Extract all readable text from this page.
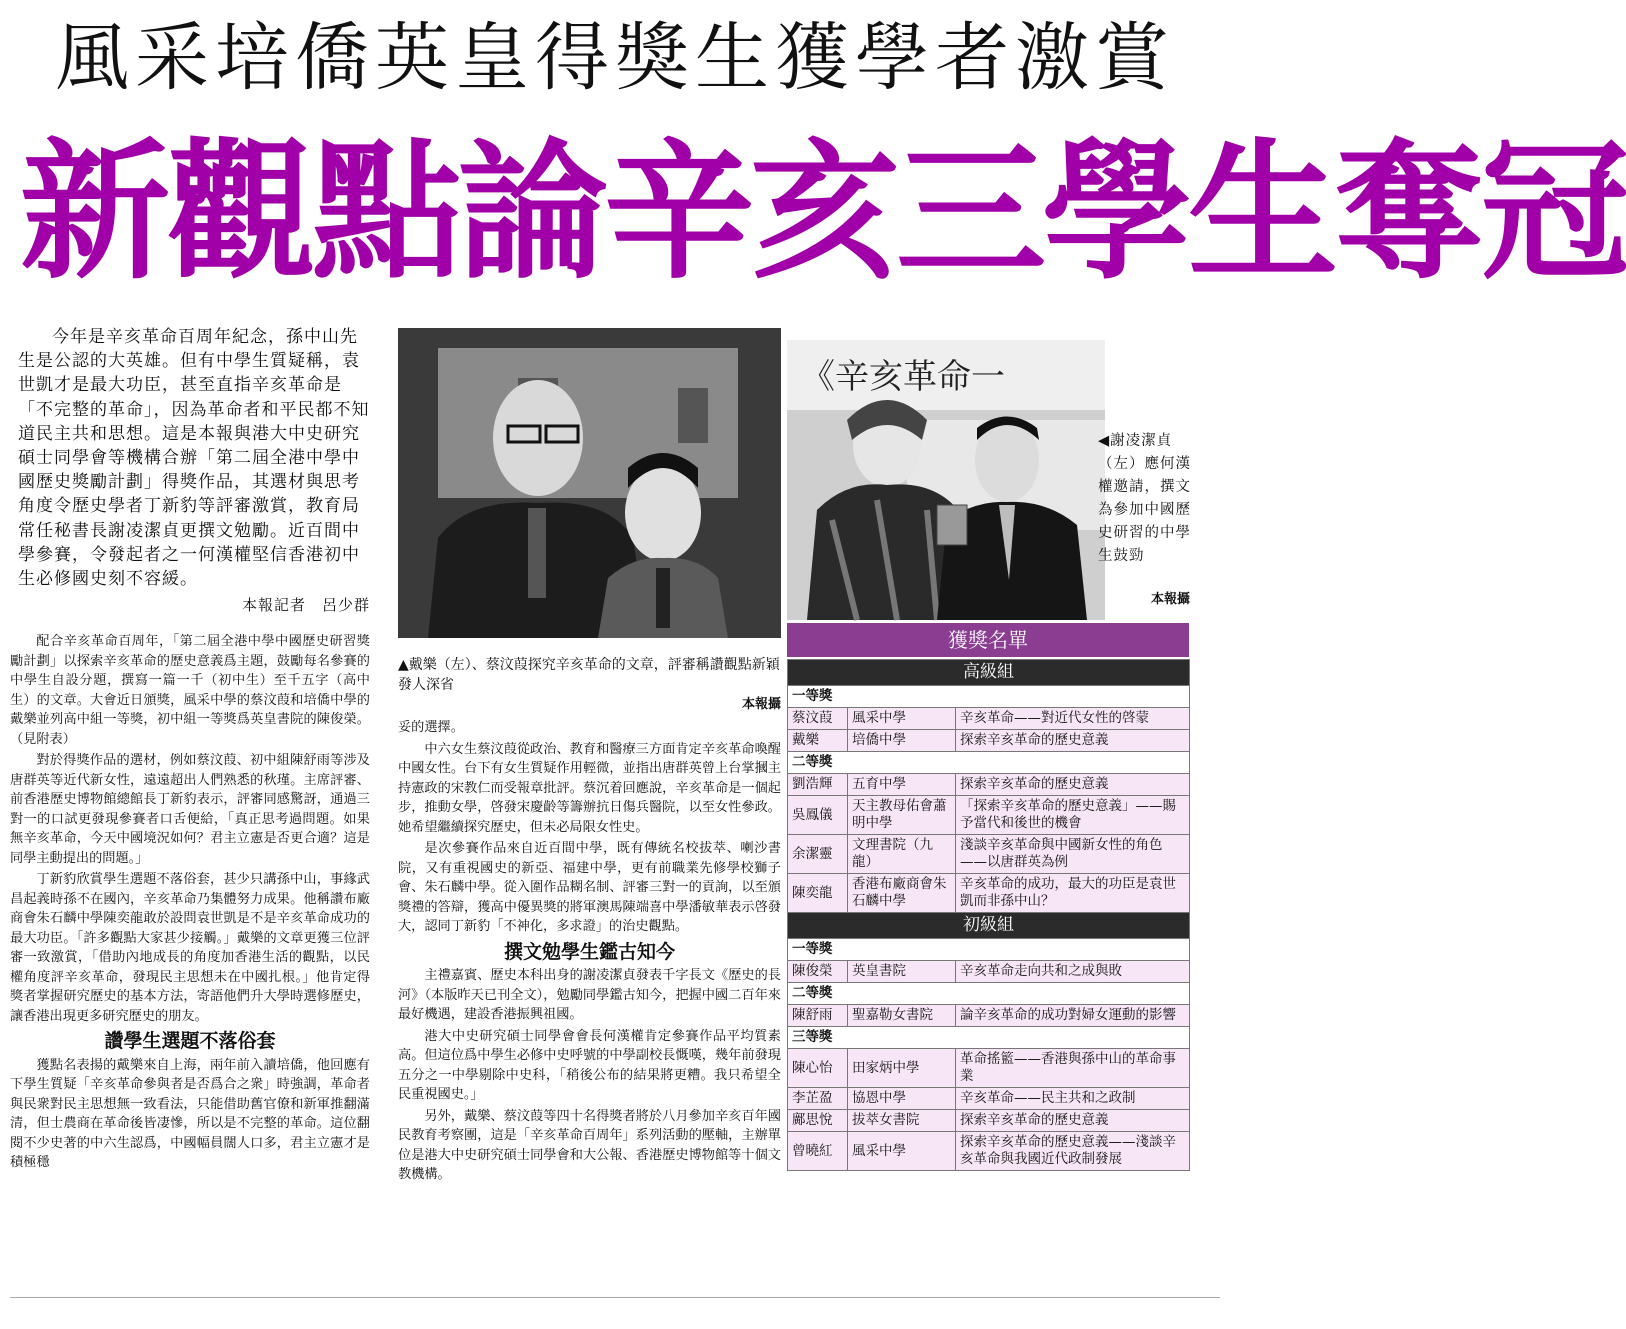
風采培僑英皇得獎生獲學者激賞
新觀點論辛亥三學生奪冠

今年是辛亥革命百周年紀念，孫中山先生是公認的大英雄。但有中學生質疑稱，袁世凱才是最大功臣，甚至直指辛亥革命是「不完整的革命」，因為革命者和平民都不知道民主共和思想。這是本報與港大中史研究碩士同學會等機構合辦「第二屆全港中學中國歷史獎勵計劃」得獎作品，其選材與思考角度令歷史學者丁新豹等評審激賞，教育局常任秘書長謝凌潔貞更撰文勉勵。近百間中學參賽，令發起者之一何漢權堅信香港初中生必修國史刻不容緩。

本報記者　呂少群

配合辛亥革命百周年，「第二屆全港中學中國歷史研習獎勵計劃」以探索辛亥革命的歷史意義爲主題，鼓勵每名參賽的中學生自設分題，撰寫一篇一千（初中生）至千五字（高中生）的文章。大會近日頒獎，風采中學的蔡汶葭和培僑中學的戴樂並列高中組一等獎，初中組一等獎爲英皇書院的陳俊榮。（見附表）

對於得獎作品的選材，例如蔡汶葭、初中組陳舒雨等涉及唐群英等近代新女性，遠遠超出人們熟悉的秋瑾。主席評審、前香港歷史博物館總館長丁新豹表示，評審同感驚訝，通過三對一的口試更發現參賽者口舌便給，「真正思考過問題。如果無辛亥革命，今天中國境況如何？君主立憲是否更合適？這是同學主動提出的問題。」

丁新豹欣賞學生選題不落俗套，甚少只講孫中山，事緣武昌起義時孫不在國內，辛亥革命乃集體努力成果。他稱讚布廠商會朱石麟中學陳奕龍敢於設問袁世凱是不是辛亥革命成功的最大功臣。「許多觀點大家甚少接觸。」戴樂的文章更獲三位評審一致激賞，「借助內地成長的角度加香港生活的觀點，以民權角度評辛亥革命，發現民主思想未在中國扎根。」他肯定得獎者掌握研究歷史的基本方法，寄語他們升大學時選修歷史，讓香港出現更多研究歷史的朋友。

讚學生選題不落俗套

獲點名表揚的戴樂來自上海，兩年前入讀培僑，他回應有下學生質疑「辛亥革命參與者是否爲合之衆」時強調，革命者與民衆對民主思想無一致看法，只能借助舊官僚和新軍推翻滿清，但士農商在革命後皆凄慘，所以是不完整的革命。這位翻閱不少史著的中六生認爲，中國幅員闊人口多，君主立憲才是積極穩

▲戴樂（左）、蔡汶葭探究辛亥革命的文章，評審稱讚觀點新穎發人深省
本報攝

妥的選擇。

中六女生蔡汶葭從政治、教育和醫療三方面肯定辛亥革命喚醒中國女性。台下有女生質疑作用輕微，並指出唐群英曾上台掌摑主持憲政的宋教仁而受報章批評。蔡沉着回應說，辛亥革命是一個起步，推動女學，啓發宋慶齡等籌辦抗日傷兵醫院，以至女性參政。她希望繼續探究歷史，但未必局限女性史。

是次參賽作品來自近百間中學，既有傳統名校拔萃、喇沙書院，又有重視國史的新亞、福建中學，更有前職業先修學校獅子會、朱石麟中學。從入圍作品糊名制、評審三對一的貢詢，以至頒獎禮的答辯，獲高中優異獎的將軍澳馬陳端喜中學潘敏華表示啓發大，認同丁新豹「不神化，多求證」的治史觀點。

撰文勉學生鑑古知今

主禮嘉賓、歷史本科出身的謝凌潔貞發表千字長文《歷史的長河》（本版昨天已刊全文），勉勵同學鑑古知今，把握中國二百年來最好機遇，建設香港振興祖國。

港大中史研究碩士同學會會長何漢權肯定參賽作品平均質素高。但這位爲中學生必修中史呼號的中學副校長慨嘆，幾年前發現五分之一中學剔除中史科，「稍後公布的結果將更糟。我只希望全民重視國史。」

另外，戴樂、蔡汶葭等四十名得獎者將於八月參加辛亥百年國民教育考察團，這是「辛亥革命百周年」系列活動的壓軸，主辦單位是港大中史研究碩士同學會和大公報、香港歷史博物館等十個文教機構。

《辛亥革命一
◀謝凌潔貞（左）應何漢權邀請，撰文為參加中國歷史研習的中學生鼓勁
本報攝
獲獎名單
高級組		
一等獎		
蔡汶葭	風采中學	辛亥革命——對近代女性的啓蒙
戴樂	培僑中學	探索辛亥革命的歷史意義
二等獎		
劉浩輝	五育中學	探索辛亥革命的歷史意義
吳鳳儀	天主教母佑會蕭明中學	「探索辛亥革命的歷史意義」——賜予當代和後世的機會
余潔靈	文理書院（九龍）	淺談辛亥革命與中國新女性的角色——以唐群英為例
陳奕龍	香港布廠商會朱石麟中學	辛亥革命的成功，最大的功臣是袁世凱而非孫中山？
初級組		
一等獎		
陳俊榮	英皇書院	辛亥革命走向共和之成與敗
二等獎		
陳舒雨	聖嘉勒女書院	論辛亥革命的成功對婦女運動的影響
三等獎		
陳心怡	田家炳中學	革命搖籃——香港與孫中山的革命事業
李芷盈	協恩中學	辛亥革命——民主共和之政制
鄺思悅	拔萃女書院	探索辛亥革命的歷史意義
曾曉紅	風采中學	探索辛亥革命的歷史意義——淺談辛亥革命與我國近代政制發展
